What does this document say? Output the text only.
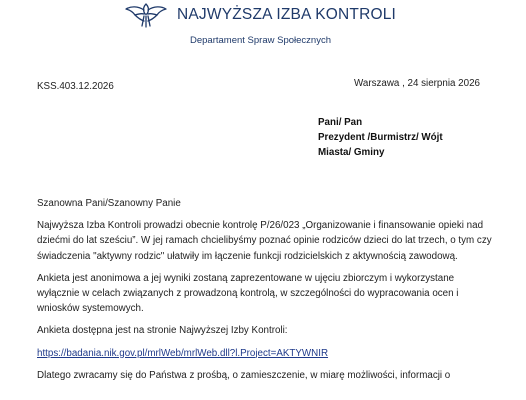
NAJWYŻSZA IZBA KONTROLI
Departament Spraw Społecznych
KSS.403.12.2026	Warszawa , 24 sierpnia 2026
Pani/ Pan
Prezydent /Burmistrz/ Wójt
Miasta/ Gminy

Szanowna Pani/Szanowny Panie

Najwyższa Izba Kontroli prowadzi obecnie kontrolę P/26/023 „Organizowanie i finansowanie opieki nad dziećmi do lat sześciu”. W jej ramach chcielibyśmy poznać opinie rodziców dzieci do lat trzech, o tym czy świadczenia "aktywny rodzic" ułatwiły im łączenie funkcji rodzicielskich z aktywnością zawodową.

Ankieta jest anonimowa a jej wyniki zostaną zaprezentowane w ujęciu zbiorczym i wykorzystane wyłącznie w celach związanych z prowadzoną kontrolą, w szczególności do wypracowania ocen i wniosków systemowych.

Ankieta dostępna jest na stronie Najwyższej Izby Kontroli:

https://badania.nik.gov.pl/mrlWeb/mrlWeb.dll?l.Project=AKTYWNIR

Dlatego zwracamy się do Państwa z prośbą, o zamieszczenie, w miarę możliwości, informacji o
